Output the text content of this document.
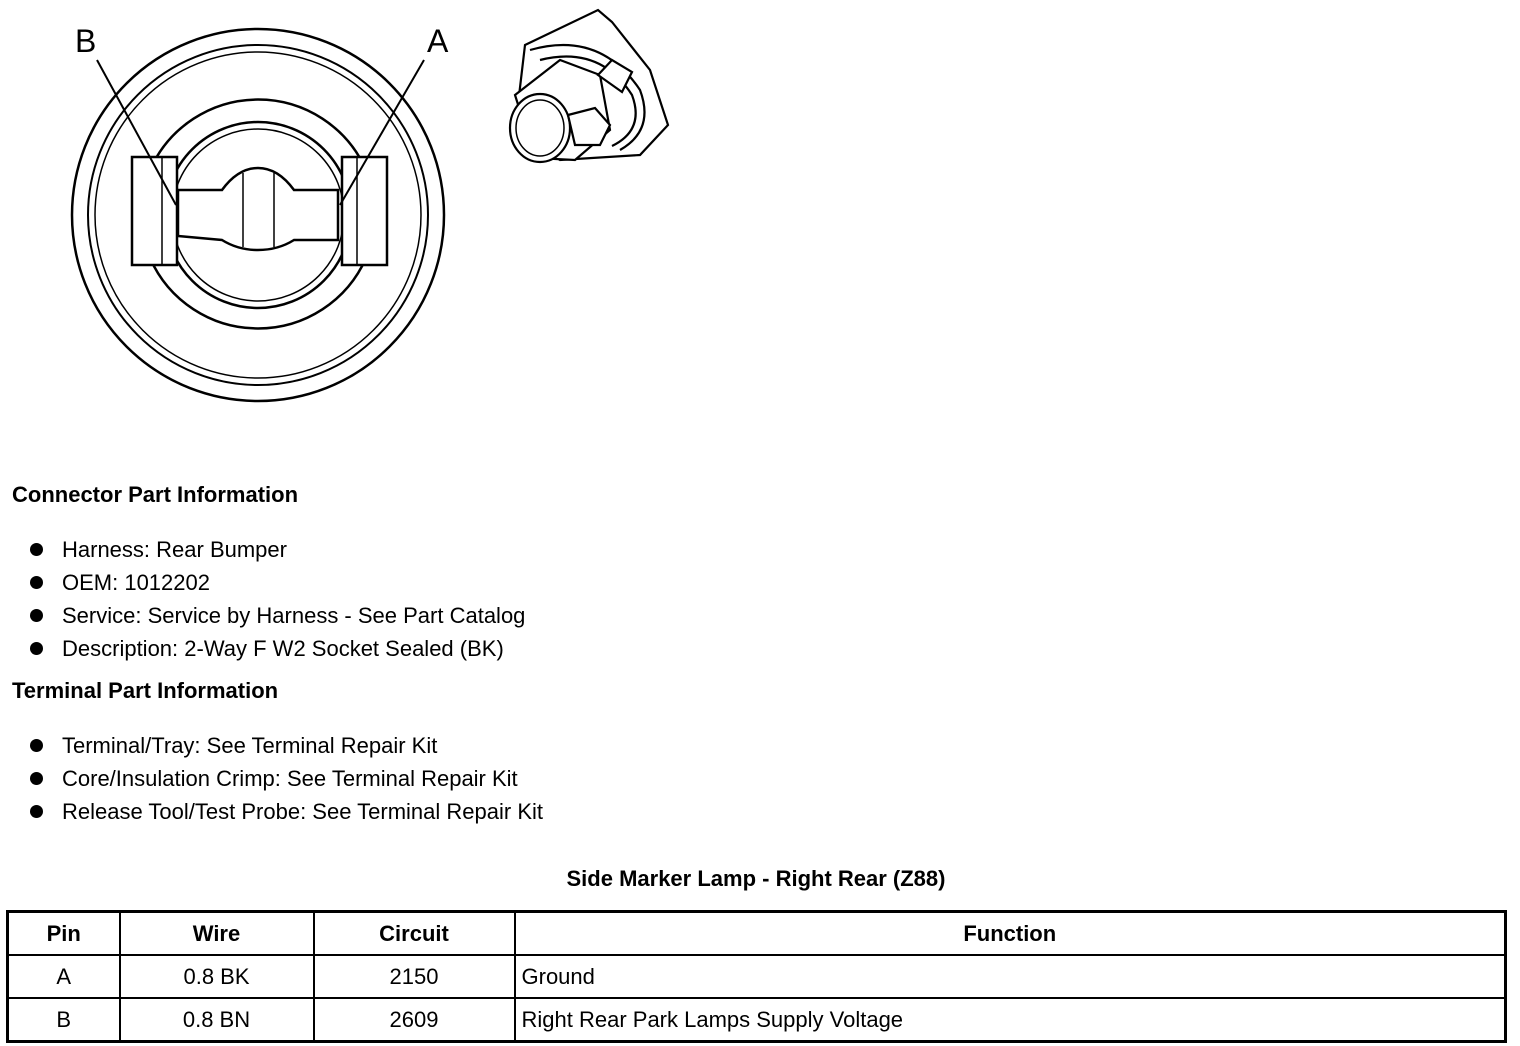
B	A
Connector Part Information
Harness: Rear Bumper
OEM: 1012202
Service: Service by Harness - See Part Catalog
Description: 2-Way F W2 Socket Sealed (BK)
Terminal Part Information
Terminal/Tray: See Terminal Repair Kit
Core/Insulation Crimp: See Terminal Repair Kit
Release Tool/Test Probe: See Terminal Repair Kit
Side Marker Lamp - Right Rear (Z88)
Pin	Wire	Circuit	Function
A	0.8 BK	2150	Ground
B	0.8 BN	2609	Right Rear Park Lamps Supply Voltage
